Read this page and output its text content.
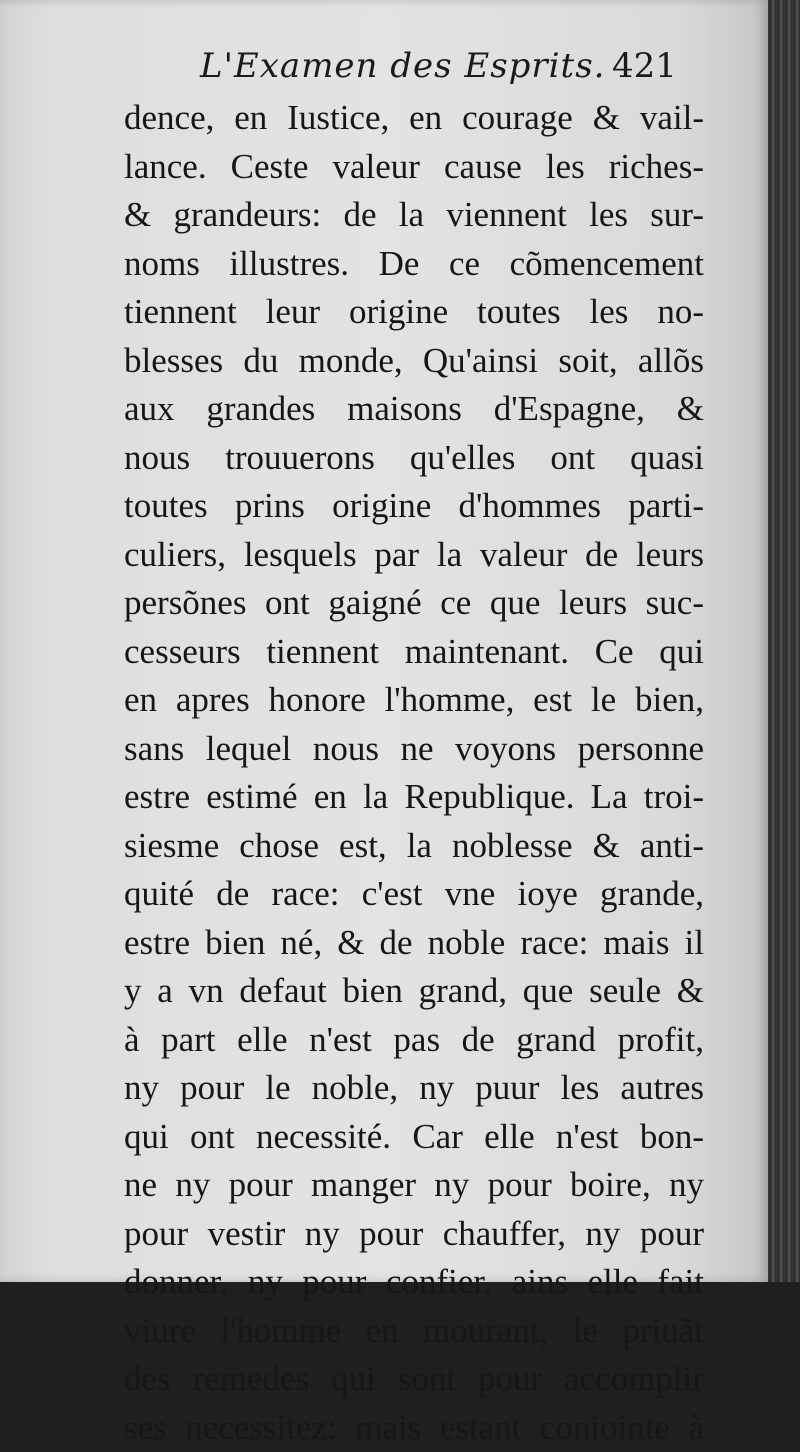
L'Examen des Esprits. 421
dence, en Iustice, en courage & vail-
lance. Ceste valeur cause les riches-
& grandeurs: de la viennent les sur-
noms illustres. De ce cõmencement
tiennent leur origine toutes les no-
blesses du monde, Qu'ainsi soit, allõs
aux grandes maisons d'Espagne, &
nous trouuerons qu'elles ont quasi
toutes prins origine d'hommes parti-
culiers, lesquels par la valeur de leurs
persõnes ont gaigné ce que leurs suc-
cesseurs tiennent maintenant. Ce qui
en apres honore l'homme, est le bien,
sans lequel nous ne voyons personne
estre estimé en la Republique. La troi-
siesme chose est, la noblesse & anti-
quité de race: c'est vne ioye grande,
estre bien né, & de noble race: mais il
y a vn defaut bien grand, que seule &
à part elle n'est pas de grand profit,
ny pour le noble, ny puur les autres
qui ont necessité. Car elle n'est bon-
ne ny pour manger ny pour boire, ny
pour vestir ny pour chauffer, ny pour
donner, ny pour confier, ains elle fait
viure l'homme en mourant, le priuãt
des remedes qui sont pour accomplir
ses necessitez: mais estant coniointe à
